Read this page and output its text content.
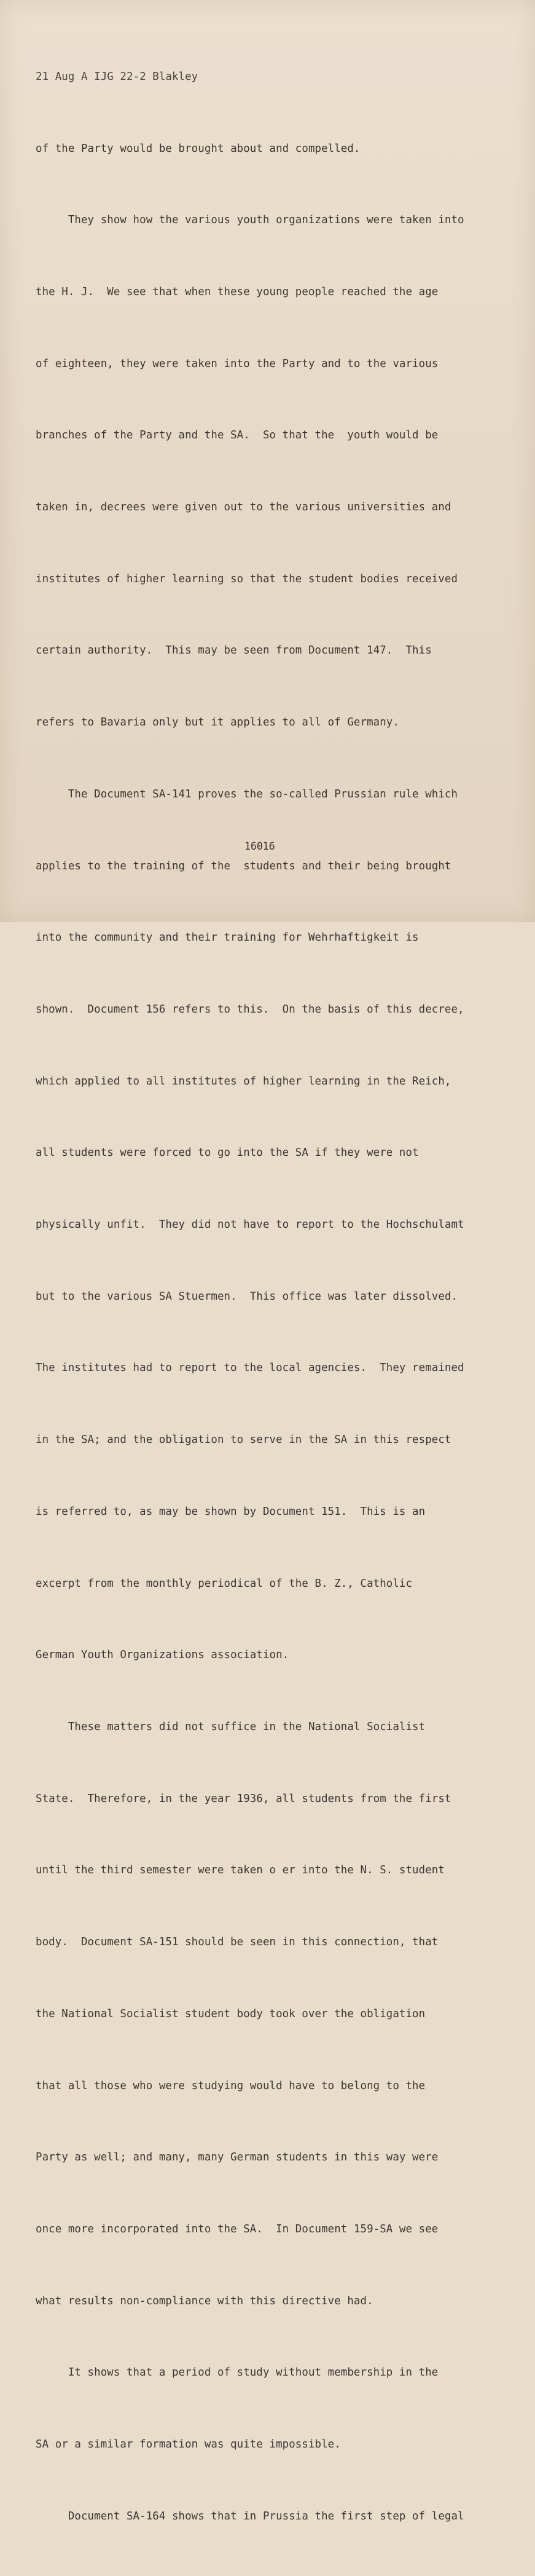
21 Aug A IJG 22-2 Blakley

of the Party would be brought about and compelled.

They show how the various youth organizations were taken into

the H. J.  We see that when these young people reached the age

of eighteen, they were taken into the Party and to the various

branches of the Party and the SA.  So that the  youth would be

taken in, decrees were given out to the various universities and

institutes of higher learning so that the student bodies received

certain authority.  This may be seen from Document 147.  This

refers to Bavaria only but it applies to all of Germany.

The Document SA-141 proves the so-called Prussian rule which

applies to the training of the  students and their being brought

into the community and their training for Wehrhaftigkeit is

shown.  Document 156 refers to this.  On the basis of this decree,

which applied to all institutes of higher learning in the Reich,

all students were forced to go into the SA if they were not

physically unfit.  They did not have to report to the Hochschulamt

but to the various SA Stuermen.  This office was later dissolved.

The institutes had to report to the local agencies.  They remained

in the SA; and the obligation to serve in the SA in this respect

is referred to, as may be shown by Document 151.  This is an

excerpt from the monthly periodical of the B. Z., Catholic

German Youth Organizations association.

These matters did not suffice in the National Socialist

State.  Therefore, in the year 1936, all students from the first

until the third semester were taken o er into the N. S. student

body.  Document SA-151 should be seen in this connection, that

the National Socialist student body took over the obligation

that all those who were studying would have to belong to the

Party as well; and many, many German students in this way were

once more incorporated into the SA.  In Document 159-SA we see

what results non-compliance with this directive had.

It shows that a period of study without membership in the

SA or a similar formation was quite impossible.

Document SA-164 shows that in Prussia the first step of legal

16016
